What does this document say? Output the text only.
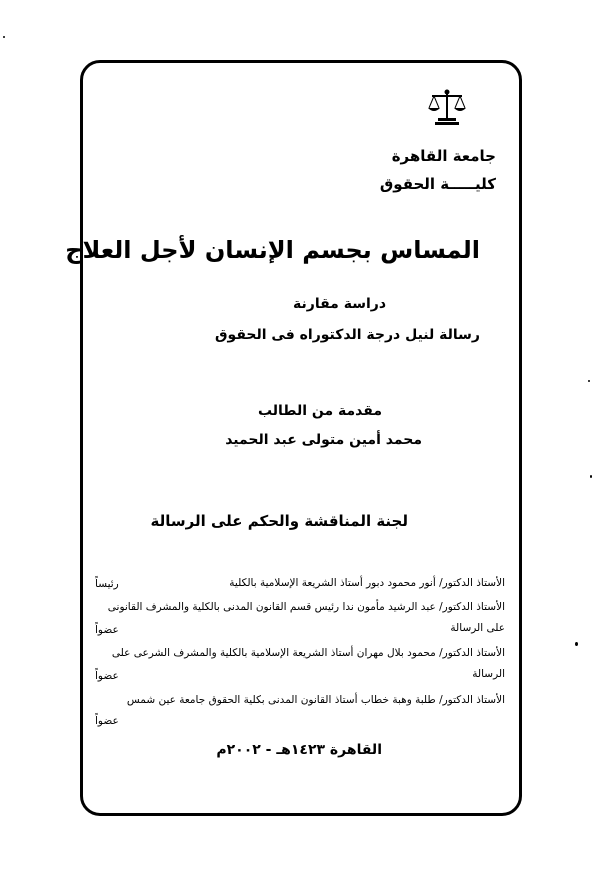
جامعة القاهرة
كليـــــة الحقوق
المساس بجسم الإنسان لأجل العلاج
دراسة مقارنة
رسالة لنيل درجة الدكتوراه فى الحقوق
مقدمة من الطالب
محمد أمين متولى عبد الحميد
لجنة المناقشة والحكم على الرسالة
الأستاذ الدكتور/ أنور محمود دبور أستاذ الشريعة الإسلامية بالكلية
رئيساً
الأستاذ الدكتور/ عبد الرشيد مأمون ندا رئيس قسم القانون المدنى بالكلية والمشرف القانونى على الرسالة
عضواً
الأستاذ الدكتور/ محمود بلال مهران أستاذ الشريعة الإسلامية بالكلية والمشرف الشرعى على الرسالة
عضواً
الأستاذ الدكتور/ طلبة وهبة خطاب أستاذ القانون المدنى بكلية الحقوق جامعة عين شمس
عضواً
القاهرة ١٤٢٣هـ - ٢٠٠٢م
